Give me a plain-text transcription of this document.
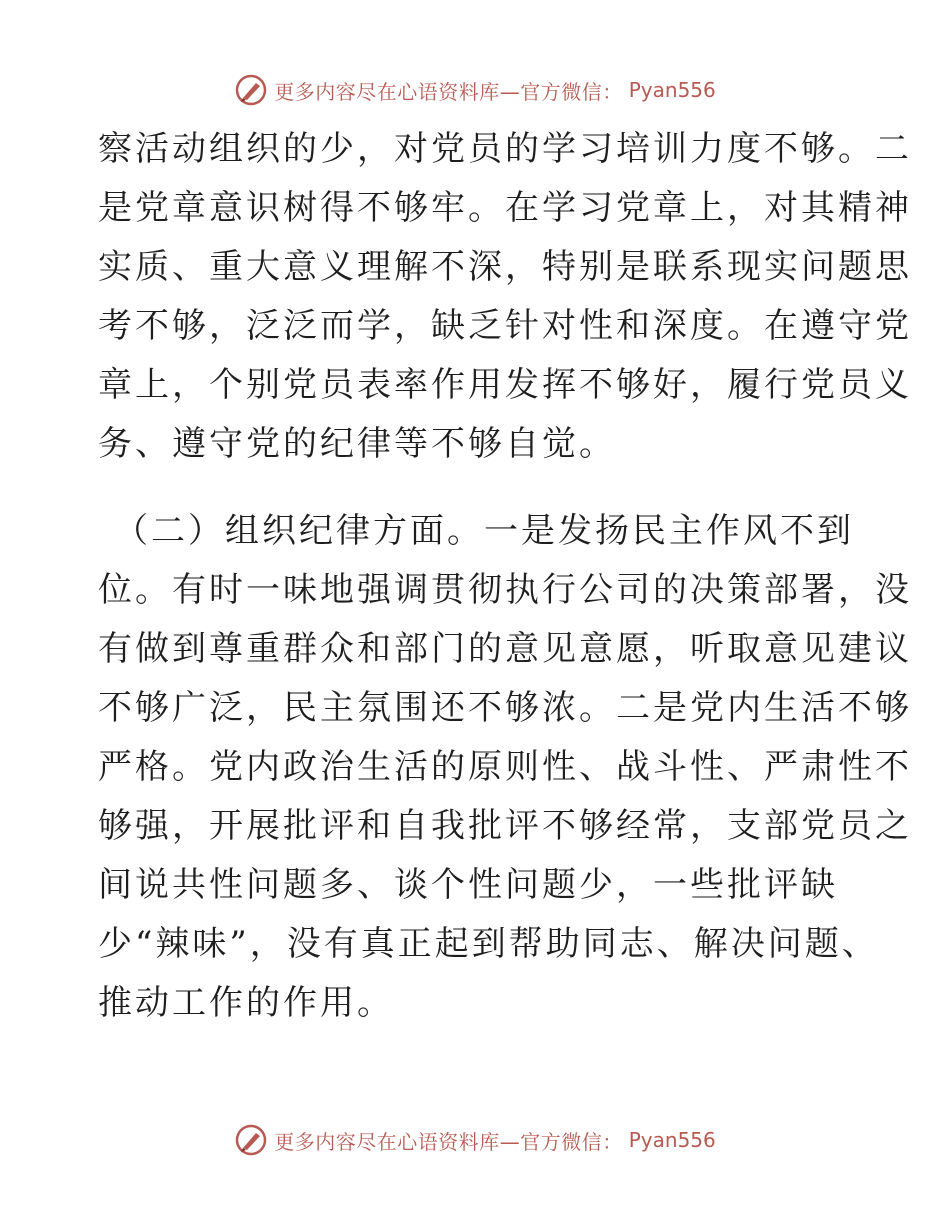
更多内容尽在心语资料库—官方微信： Pyan556
察活动组织的少，对党员的学习培训力度不够。二
是党章意识树得不够牢。在学习党章上，对其精神
实质、重大意义理解不深，特别是联系现实问题思
考不够，泛泛而学，缺乏针对性和深度。在遵守党
章上，个别党员表率作用发挥不够好，履行党员义
务、遵守党的纪律等不够自觉。
（二）组织纪律方面。一是发扬民主作风不到
位。有时一味地强调贯彻执行公司的决策部署，没
有做到尊重群众和部门的意见意愿，听取意见建议
不够广泛，民主氛围还不够浓。二是党内生活不够
严格。党内政治生活的原则性、战斗性、严肃性不
够强，开展批评和自我批评不够经常，支部党员之
间说共性问题多、谈个性问题少，一些批评缺
少“辣味”，没有真正起到帮助同志、解决问题、
推动工作的作用。
更多内容尽在心语资料库—官方微信： Pyan556
